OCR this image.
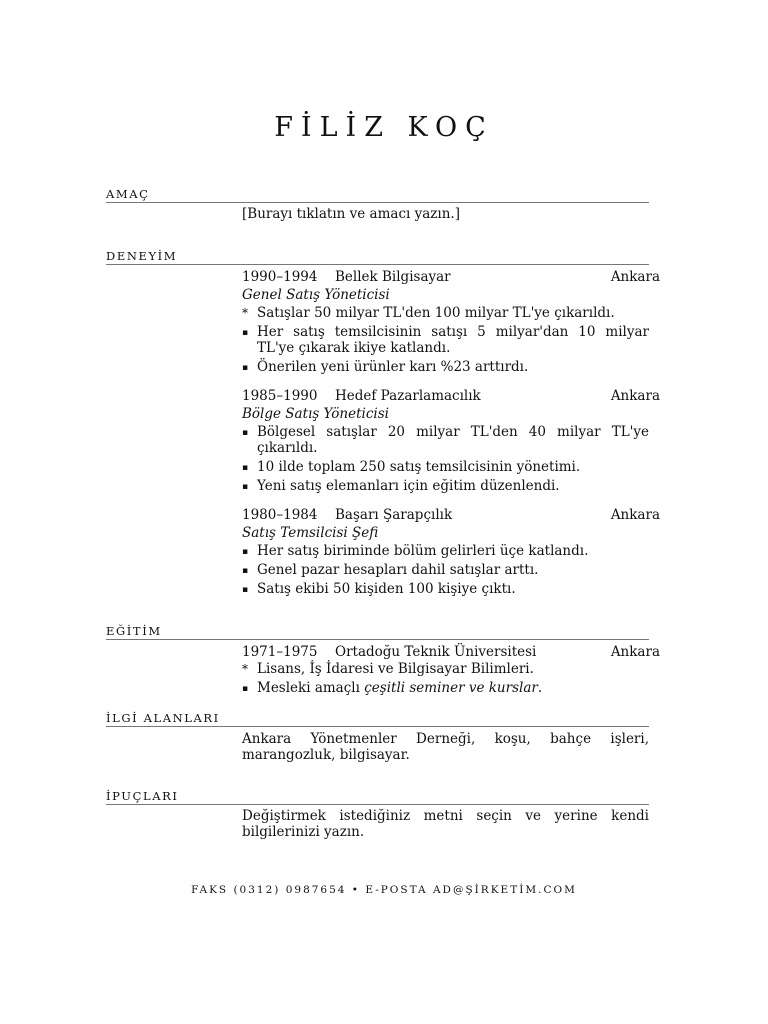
FİLİZ KOÇ
AMAÇ
[Burayı tıklatın ve amacı yazın.]
DENEYİM
1990–1994 Bellek Bilgisayar	Ankara
Genel Satış Yöneticisi
* Satışlar 50 milyar TL'den 100 milyar TL'ye çıkarıldı.
▪ Her satış temsilcisinin satışı 5 milyar'dan 10 milyar TL'ye çıkarak ikiye katlandı.
▪ Önerilen yeni ürünler karı %23 arttırdı.
1985–1990 Hedef Pazarlamacılık	Ankara
Bölge Satış Yöneticisi
▪ Bölgesel satışlar 20 milyar TL'den 40 milyar TL'ye çıkarıldı.
▪ 10 ilde toplam 250 satış temsilcisinin yönetimi.
▪ Yeni satış elemanları için eğitim düzenlendi.
1980–1984 Başarı Şarapçılık	Ankara
Satış Temsilcisi Şefi
▪ Her satış biriminde bölüm gelirleri üçe katlandı.
▪ Genel pazar hesapları dahil satışlar arttı.
▪ Satış ekibi 50 kişiden 100 kişiye çıktı.
EĞİTİM
1971–1975 Ortadoğu Teknik Üniversitesi	Ankara
* Lisans, İş İdaresi ve Bilgisayar Bilimleri.
▪ Mesleki amaçlı çeşitli seminer ve kurslar.
İLGİ ALANLARI
Ankara Yönetmenler Derneği, koşu, bahçe işleri, marangozluk, bilgisayar.
İPUÇLARI
Değiştirmek istediğiniz metni seçin ve yerine kendi bilgilerinizi yazın.
FAKS (0312) 0987654 • E-POSTA AD@ŞİRKETİM.COM
